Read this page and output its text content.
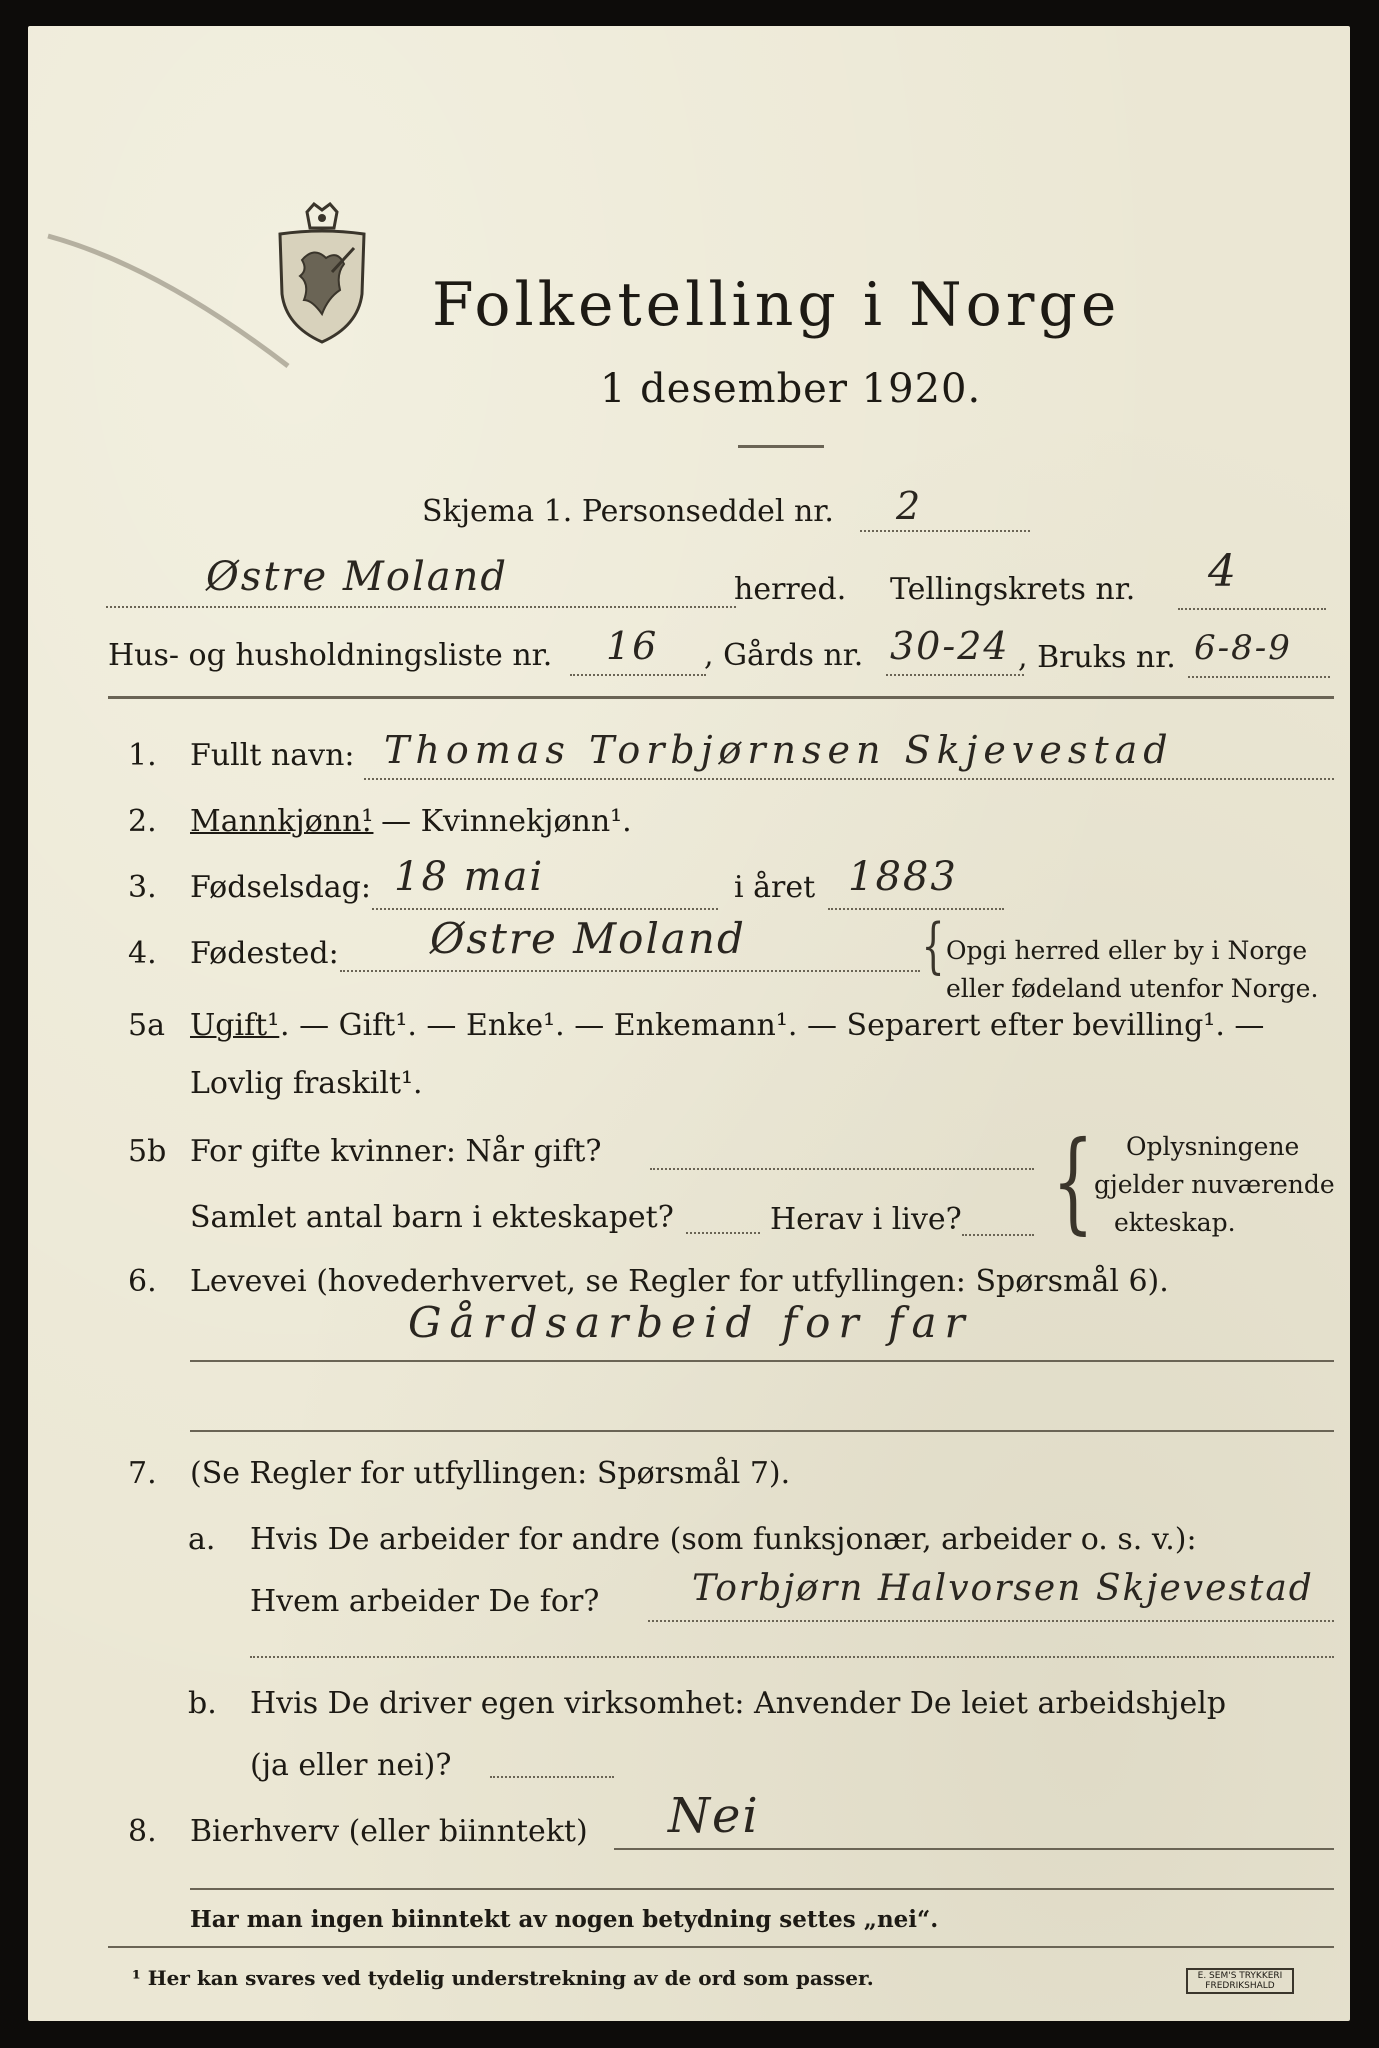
Folketelling i Norge
1 desember 1920.
Skjema 1. Personseddel nr. 2
Østre Moland	herred. Tellingskrets nr. 4
Hus- og husholdningsliste nr. 16 , Gårds nr. 30-24 , Bruks nr. 6-8-9
1. Fullt navn: Thomas Torbjørnsen Skjevestad
2. Mannkjønn¹
. — Kvinnekjønn¹.
3. Fødselsdag: 18 mai	i året 1883
4. Fødested: Østre Moland	{ Opgi herred eller by i Norge
eller fødeland utenfor Norge.
5a Ugift¹ . — Gift¹. — Enke¹. — Enkemann¹. — Separert efter bevilling¹. —
Lovlig fraskilt¹.
5b For gifte kvinner: Når gift?
Samlet antal barn i ekteskapet?	Herav i live? { Oplysningene
gjelder nuværende
ekteskap.
6. Levevei (hovederhvervet, se Regler for utfyllingen: Spørsmål 6).
Gårdsarbeid for far
7. (Se Regler for utfyllingen: Spørsmål 7).
a. Hvis De arbeider for andre (som funksjonær, arbeider o. s. v.):
Hvem arbeider De for?	Torbjørn Halvorsen Skjevestad
b. Hvis De driver egen virksomhet: Anvender De leiet arbeidshjelp
(ja eller nei)?
8. Bierhverv (eller biinntekt) Nei
Har man ingen biinntekt av nogen betydning settes „nei“.
¹ Her kan svares ved tydelig understrekning av de ord som passer.	E. SEM'S TRYKKERI FREDRIKSHALD
